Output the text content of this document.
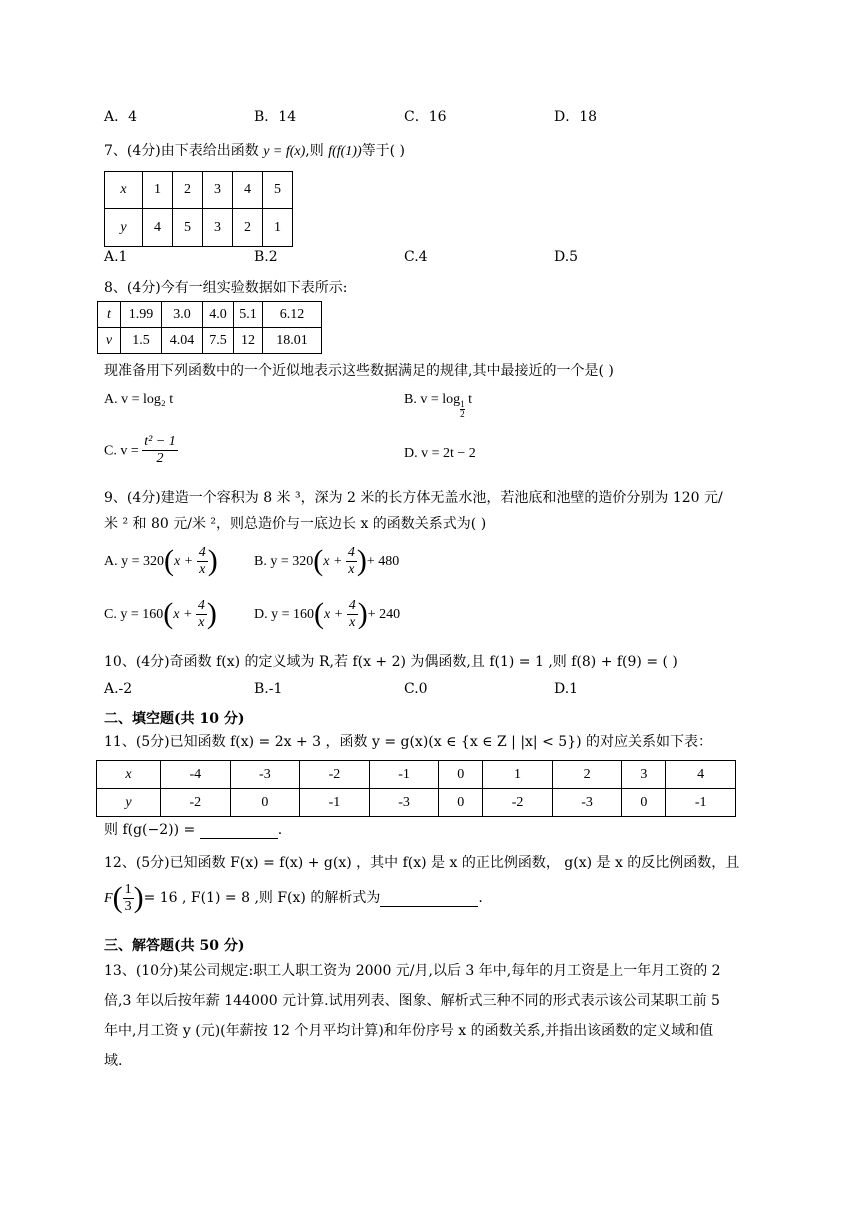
A．4	B．14	C．16	D．18
7、(4分)由下表给出函数 y = f(x),则 f(f(1))等于( )
x	1	2	3	4	5
y	4	5	3	2	1
A.1	B.2	C.4	D.5
8、(4分)今有一组实验数据如下表所示:
t	1.99	3.0	4.0	5.1	6.12
v	1.5	4.04	7.5	12	18.01
现准备用下列函数中的一个近似地表示这些数据满足的规律,其中最接近的一个是( )
A. v = log₂ t	B. v = log
$\frac{1}{2}$
t
C. $v = \frac{\text{t² − 1}}{2}$	D. v = 2t − 2
9、(4分)建造一个容积为 8 米 ³，深为 2 米的长方体无盖水池，若池底和池壁的造价分别为 120 元/
米 ² 和 80 元/米 ²，则总造价与一底边长 x 的函数关系式为( )
A. $y = 320(x + \frac{4}{x}$ )	B. $y = 320(x + \frac{4}{x}$ )+ 480
C. $y = 160(x + \frac{4}{x}$ )	D. $y = 160(x + \frac{4}{x}$ )+ 240
10、(4分)奇函数 f(x) 的定义域为 R,若 f(x + 2) 为偶函数,且 f(1) = 1 ,则 f(8) + f(9) = ( )
A.-2	B.-1	C.0	D.1
二、填空题(共 10 分)
11、(5分)已知函数 f(x) = 2x + 3 ，函数 y = g(x)(x ∈ {x ∈ Z | |x| < 5}) 的对应关系如下表：
x	-4	-3	-2	-1	0	1	2	3	4
y	-2	0	-1	-3	0	-2	-3	0	-1
则 f(g(−2)) =	.
12、(5分)已知函数 F(x) = f(x) + g(x) ，其中 f(x) 是 x 的正比例函数， g(x) 是 x 的反比例函数，且
$F( \frac{1}{3}$ )= 16 , F(1) = 8 ,则 F(x) 的解析式为	.
三、解答题(共 50 分)
13、(10分)某公司规定:职工人职工资为 2000 元/月,以后 3 年中,每年的月工资是上一年月工资的 2
倍,3 年以后按年薪 144000 元计算.试用列表、图象、解析式三种不同的形式表示该公司某职工前 5
年中,月工资 y (元)(年薪按 12 个月平均计算)和年份序号 x 的函数关系,并指出该函数的定义域和值
域.
